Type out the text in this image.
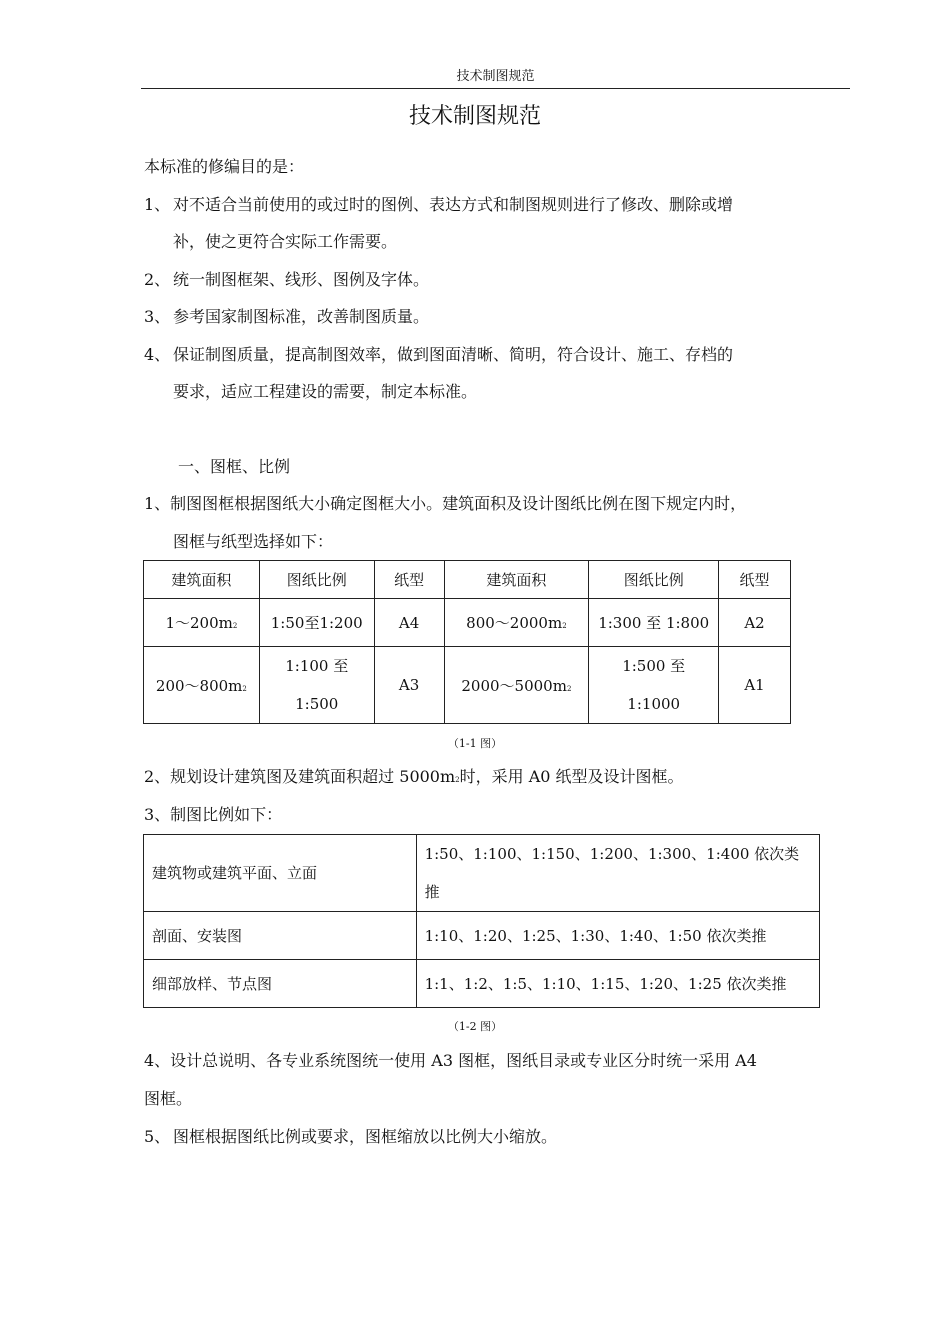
技术制图规范
技术制图规范
本标准的修编目的是：
1、 对不适合当前使用的或过时的图例、表达方式和制图规则进行了修改、删除或增
补，使之更符合实际工作需要。
2、 统一制图框架、线形、图例及字体。
3、 参考国家制图标准，改善制图质量。
4、 保证制图质量，提高制图效率，做到图面清晰、简明，符合设计、施工、存档的
要求，适应工程建设的需要，制定本标准。
一、图框、比例
1、制图图框根据图纸大小确定图框大小。建筑面积及设计图纸比例在图下规定内时，
图框与纸型选择如下：
建筑面积	图纸比例	纸型	建筑面积	图纸比例	纸型
1～200m2	1:50至1:200	A4	800～2000m2	1:300 至 1:800	A2
200～800m2	1:100 至
1:500	A3	2000～5000m2	1:500 至
1:1000	A1
（1-1 图）
2、规划设计建筑图及建筑面积超过 5000m2时，采用 A0 纸型及设计图框。
3、制图比例如下：
建筑物或建筑平面、立面	1:50、1:100、1:150、1:200、1:300、1:400 依次类
推

剖面、安装图	1:10、1:20、1:25、1:30、1:40、1:50 依次类推
细部放样、节点图	1:1、1:2、1:5、1:10、1:15、1:20、1:25 依次类推
（1-2 图）
4、设计总说明、各专业系统图统一使用 A3 图框，图纸目录或专业区分时统一采用 A4
图框。
5、 图框根据图纸比例或要求，图框缩放以比例大小缩放。
